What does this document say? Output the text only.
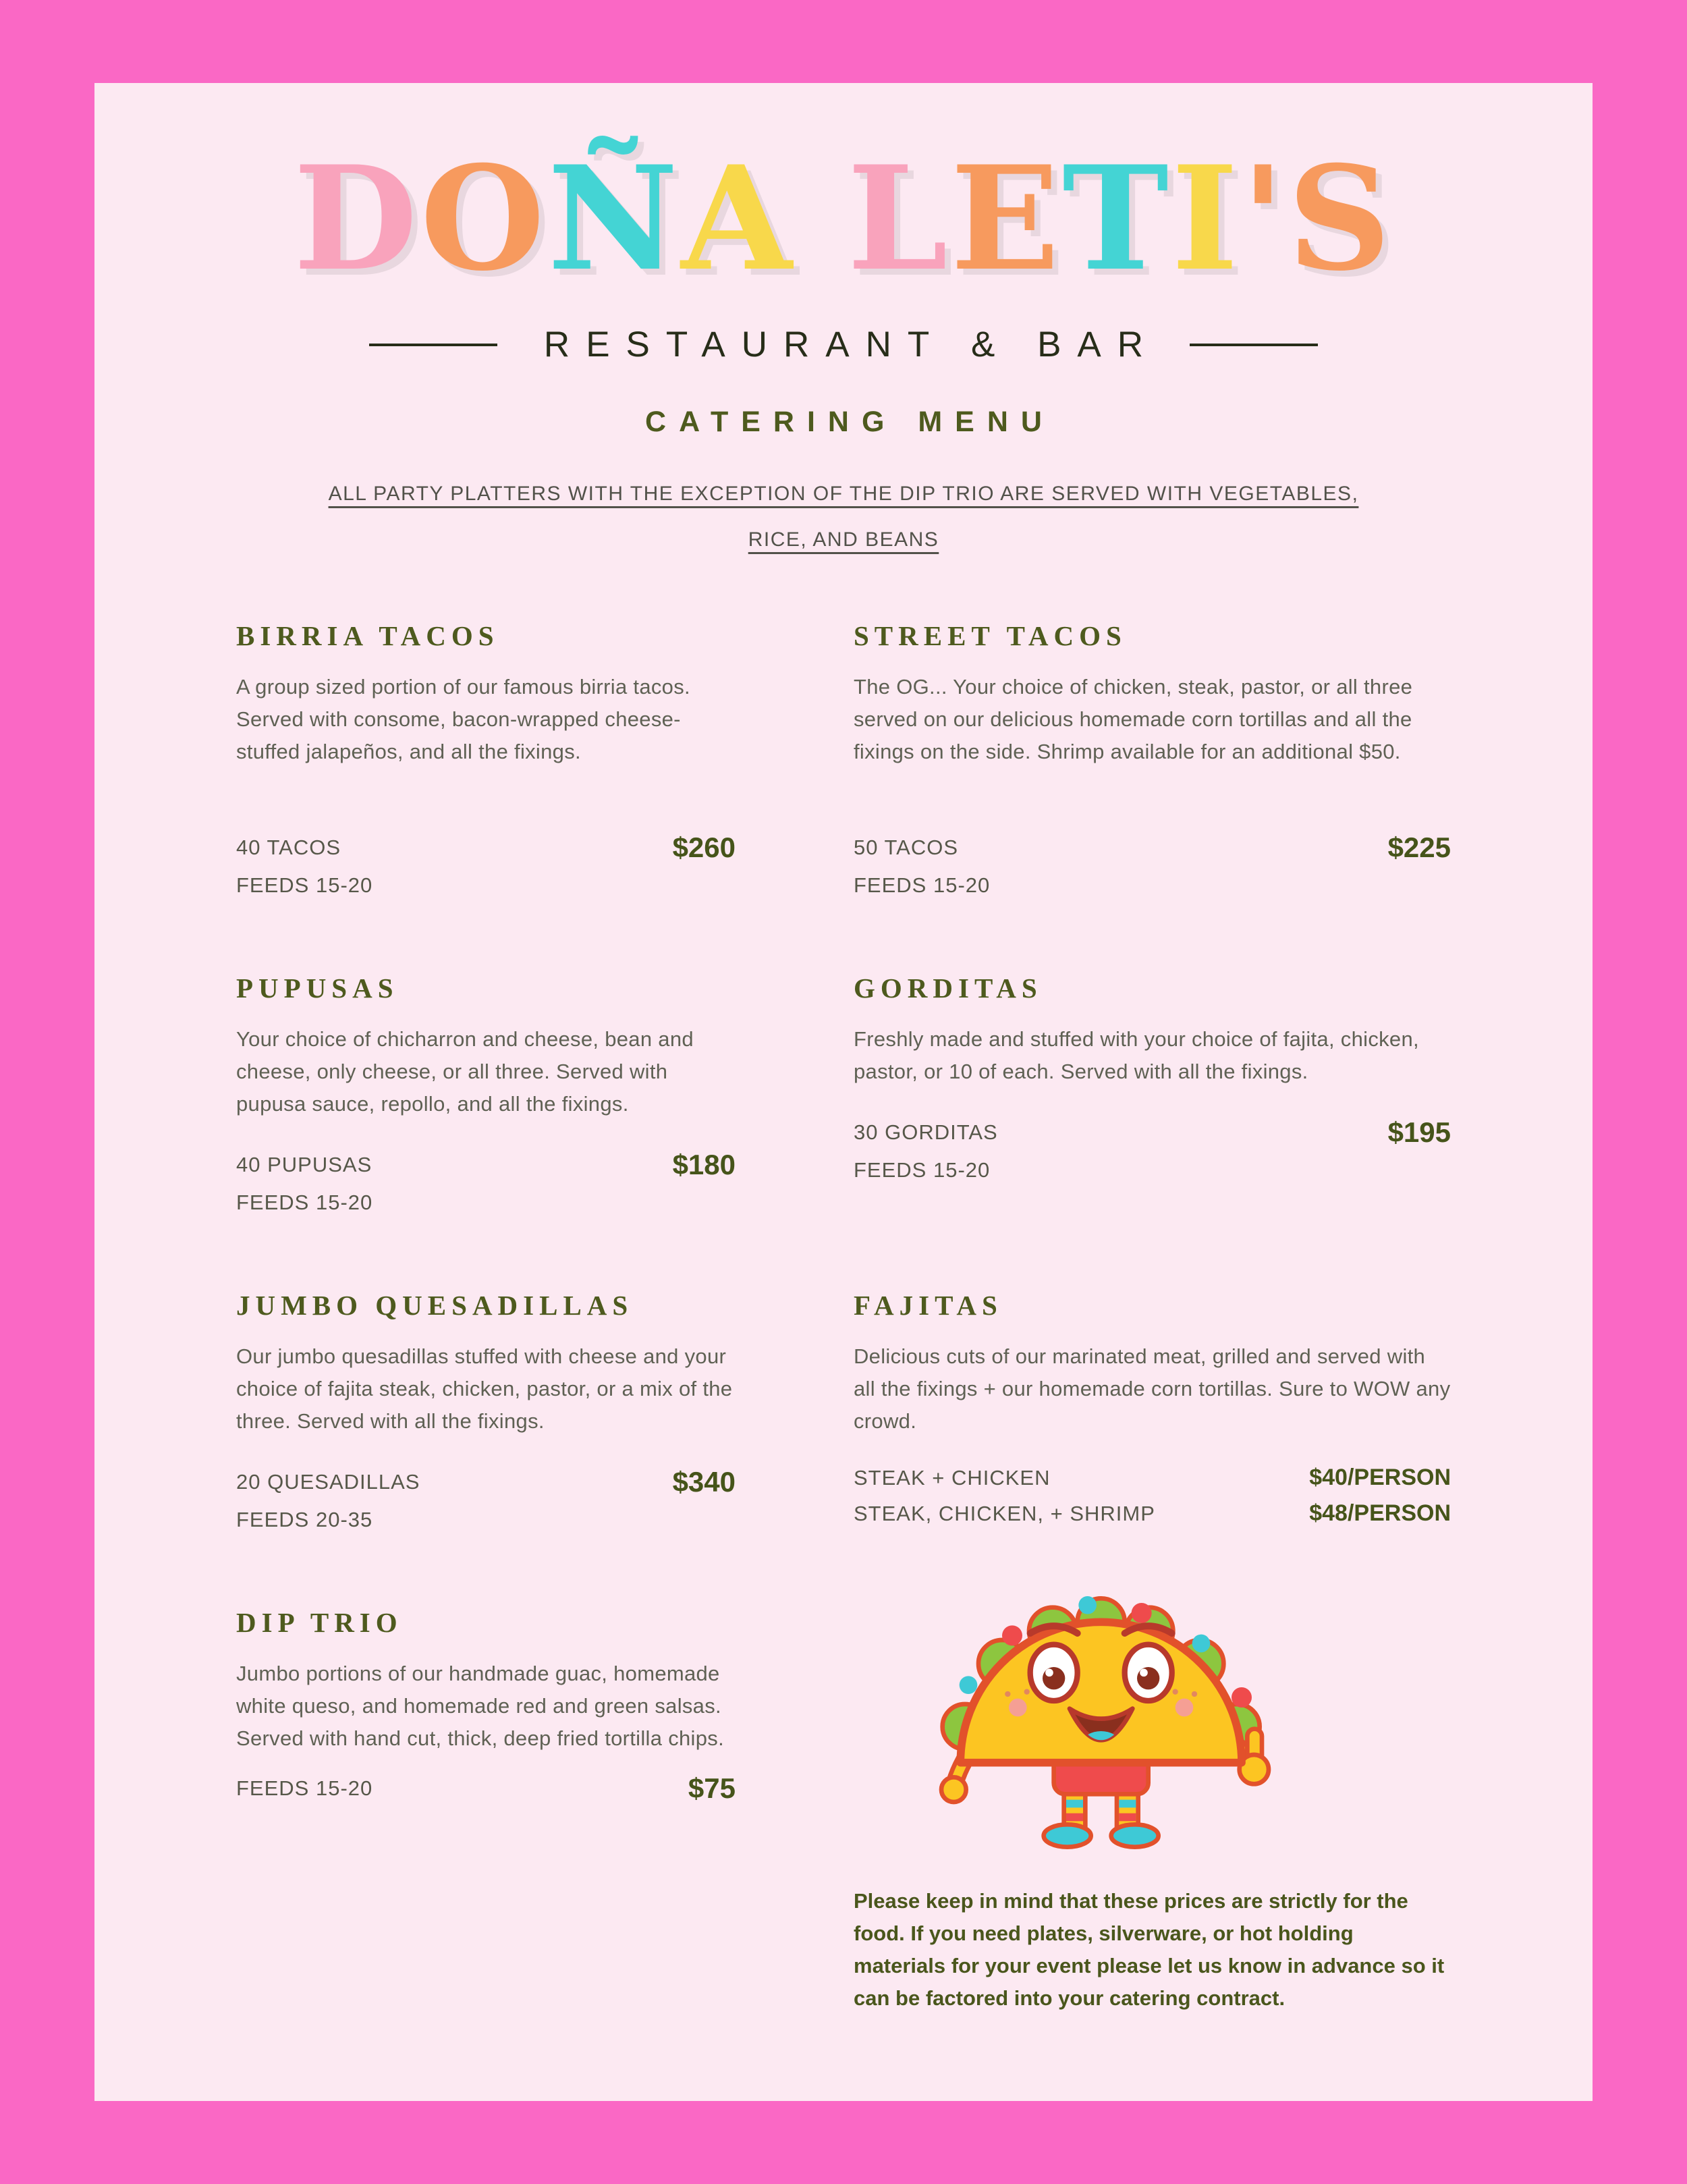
DOÑA LETI'S
RESTAURANT & BAR
CATERING MENU
ALL PARTY PLATTERS WITH THE EXCEPTION OF THE DIP TRIO ARE SERVED WITH VEGETABLES,
RICE, AND BEANS
BIRRIA TACOS

A group sized portion of our famous birria tacos. Served with consome, bacon-wrapped cheese-stuffed jalapeños, and all the fixings.

40 TACOS	$260
FEEDS 15-20
STREET TACOS

The OG... Your choice of chicken, steak, pastor, or all three served on our delicious homemade corn tortillas and all the fixings on the side. Shrimp available for an additional $50.

50 TACOS	$225
FEEDS 15-20
PUPUSAS

Your choice of chicharron and cheese, bean and cheese, only cheese, or all three. Served with pupusa sauce, repollo, and all the fixings.

40 PUPUSAS	$180
FEEDS 15-20
GORDITAS

Freshly made and stuffed with your choice of fajita, chicken, pastor, or 10 of each. Served with all the fixings.

30 GORDITAS	$195
FEEDS 15-20
JUMBO QUESADILLAS

Our jumbo quesadillas stuffed with cheese and your choice of fajita steak, chicken, pastor, or a mix of the three. Served with all the fixings.

20 QUESADILLAS	$340
FEEDS 20-35
FAJITAS

Delicious cuts of our marinated meat, grilled and served with all the fixings + our homemade corn tortillas. Sure to WOW any crowd.

STEAK + CHICKEN	$40/PERSON
STEAK, CHICKEN, + SHRIMP	$48/PERSON
DIP TRIO

Jumbo portions of our handmade guac, homemade white queso, and homemade red and green salsas. Served with hand cut, thick, deep fried tortilla chips.

FEEDS 15-20	$75

Please keep in mind that these prices are strictly for the food. If you need plates, silverware, or hot holding materials for your event please let us know in advance so it can be factored into your catering contract.
